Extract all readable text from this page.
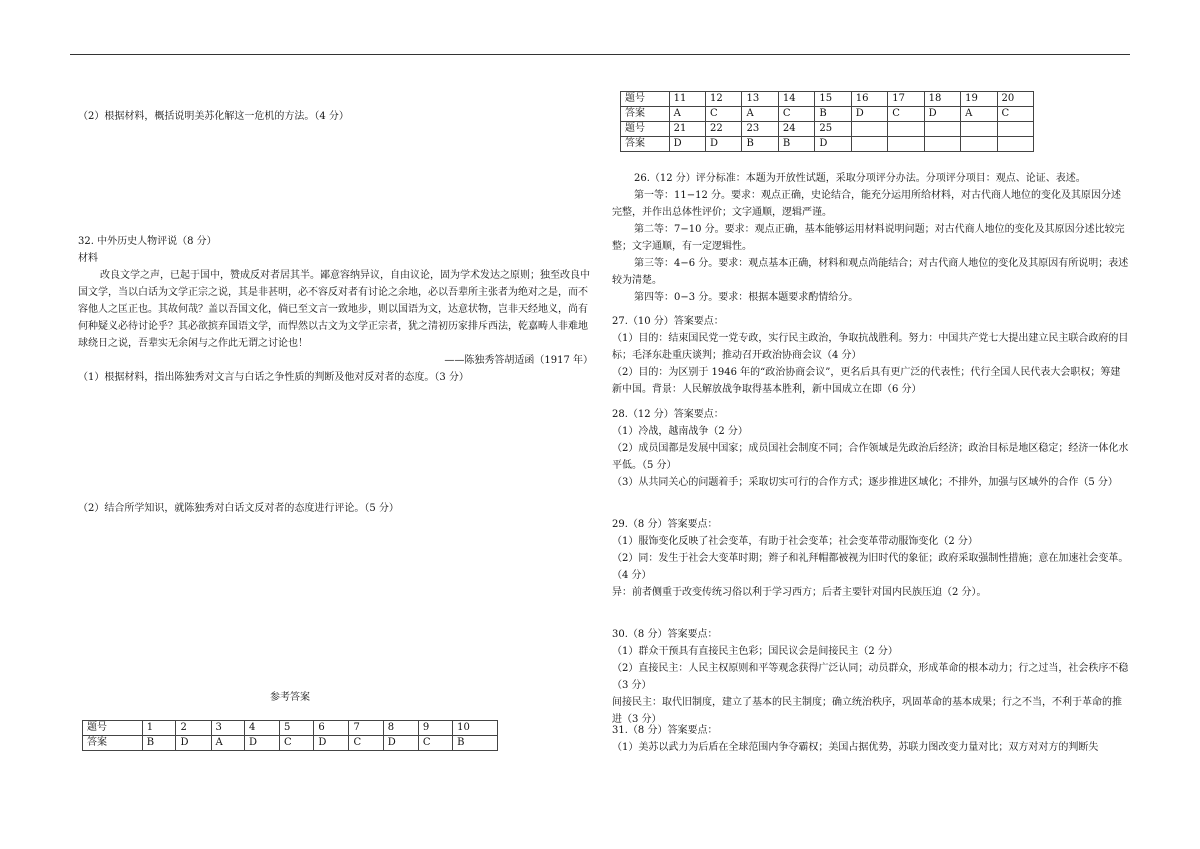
（2）根据材料，概括说明美苏化解这一危机的方法。（4 分）

32. 中外历史人物评说（8 分）

材料

改良文学之声，已起于国中，赞成反对者居其半。鄙意容纳异议，自由议论，固为学术发达之原则；独至改良中国文学，当以白话为文学正宗之说，其是非甚明，必不容反对者有讨论之余地，必以吾辈所主张者为绝对之是，而不容他人之匡正也。其故何哉？盖以吾国文化，倘已至文言一致地步，则以国语为文，达意状物，岂非天经地义，尚有何种疑义必待讨论乎？其必欲摈弃国语文学，而悍然以古文为文学正宗者，犹之清初历家排斥西法，乾嘉畴人非难地球绕日之说，吾辈实无余闲与之作此无谓之讨论也！

——陈独秀答胡适函（1917 年）

（1）根据材料，指出陈独秀对文言与白话之争性质的判断及他对反对者的态度。（3 分）

（2）结合所学知识，就陈独秀对白话文反对者的态度进行评论。（5 分）
参考答案
题号	1	2	3	4	5	6	7	8	9	10
答案	B	D	A	D	C	D	C	D	C	B
题号	11	12	13	14	15	16	17	18	19	20
答案	A	C	A	C	B	D	C	D	A	C
题号	21	22	23	24	25					
答案	D	D	B	B	D					

26.（12 分）评分标准：本题为开放性试题，采取分项评分办法。分项评分项目：观点、论证、表述。

第一等：11−12 分。要求：观点正确，史论结合，能充分运用所给材料，对古代商人地位的变化及其原因分述完整，并作出总体性评价；文字通顺，逻辑严谨。

第二等：7−10 分。要求：观点正确，基本能够运用材料说明问题；对古代商人地位的变化及其原因分述比较完整；文字通顺，有一定逻辑性。

第三等：4−6 分。要求：观点基本正确，材料和观点尚能结合；对古代商人地位的变化及其原因有所说明；表述较为清楚。

第四等：0−3 分。要求：根据本题要求酌情给分。

27.（10 分）答案要点：

（1）目的：结束国民党一党专政，实行民主政治，争取抗战胜利。努力：中国共产党七大提出建立民主联合政府的目标；毛泽东赴重庆谈判；推动召开政治协商会议（4 分）

（2）目的：为区别于 1946 年的“政治协商会议”，更名后具有更广泛的代表性；代行全国人民代表大会职权；筹建新中国。背景：人民解放战争取得基本胜利，新中国成立在即（6 分）

28.（12 分）答案要点：

（1）冷战，越南战争（2 分）

（2）成员国都是发展中国家；成员国社会制度不同；合作领域是先政治后经济；政治目标是地区稳定；经济一体化水平低。（5 分）

（3）从共同关心的问题着手；采取切实可行的合作方式；逐步推进区域化；不排外，加强与区域外的合作（5 分）

29.（8 分）答案要点：

（1）服饰变化反映了社会变革，有助于社会变革；社会变革带动服饰变化（2 分）

（2）同：发生于社会大变革时期；辫子和礼拜帽都被视为旧时代的象征；政府采取强制性措施；意在加速社会变革。（4 分）

异：前者侧重于改变传统习俗以利于学习西方；后者主要针对国内民族压迫（2 分）。

30.（8 分）答案要点：

（1）群众干预具有直接民主色彩；国民议会是间接民主（2 分）

（2）直接民主：人民主权原则和平等观念获得广泛认同；动员群众，形成革命的根本动力；行之过当，社会秩序不稳（3 分）

间接民主：取代旧制度，建立了基本的民主制度；确立统治秩序，巩固革命的基本成果；行之不当，不利于革命的推进（3 分）

31.（8 分）答案要点：

（1）美苏以武力为后盾在全球范围内争夺霸权；美国占据优势，苏联力图改变力量对比；双方对对方的判断失
